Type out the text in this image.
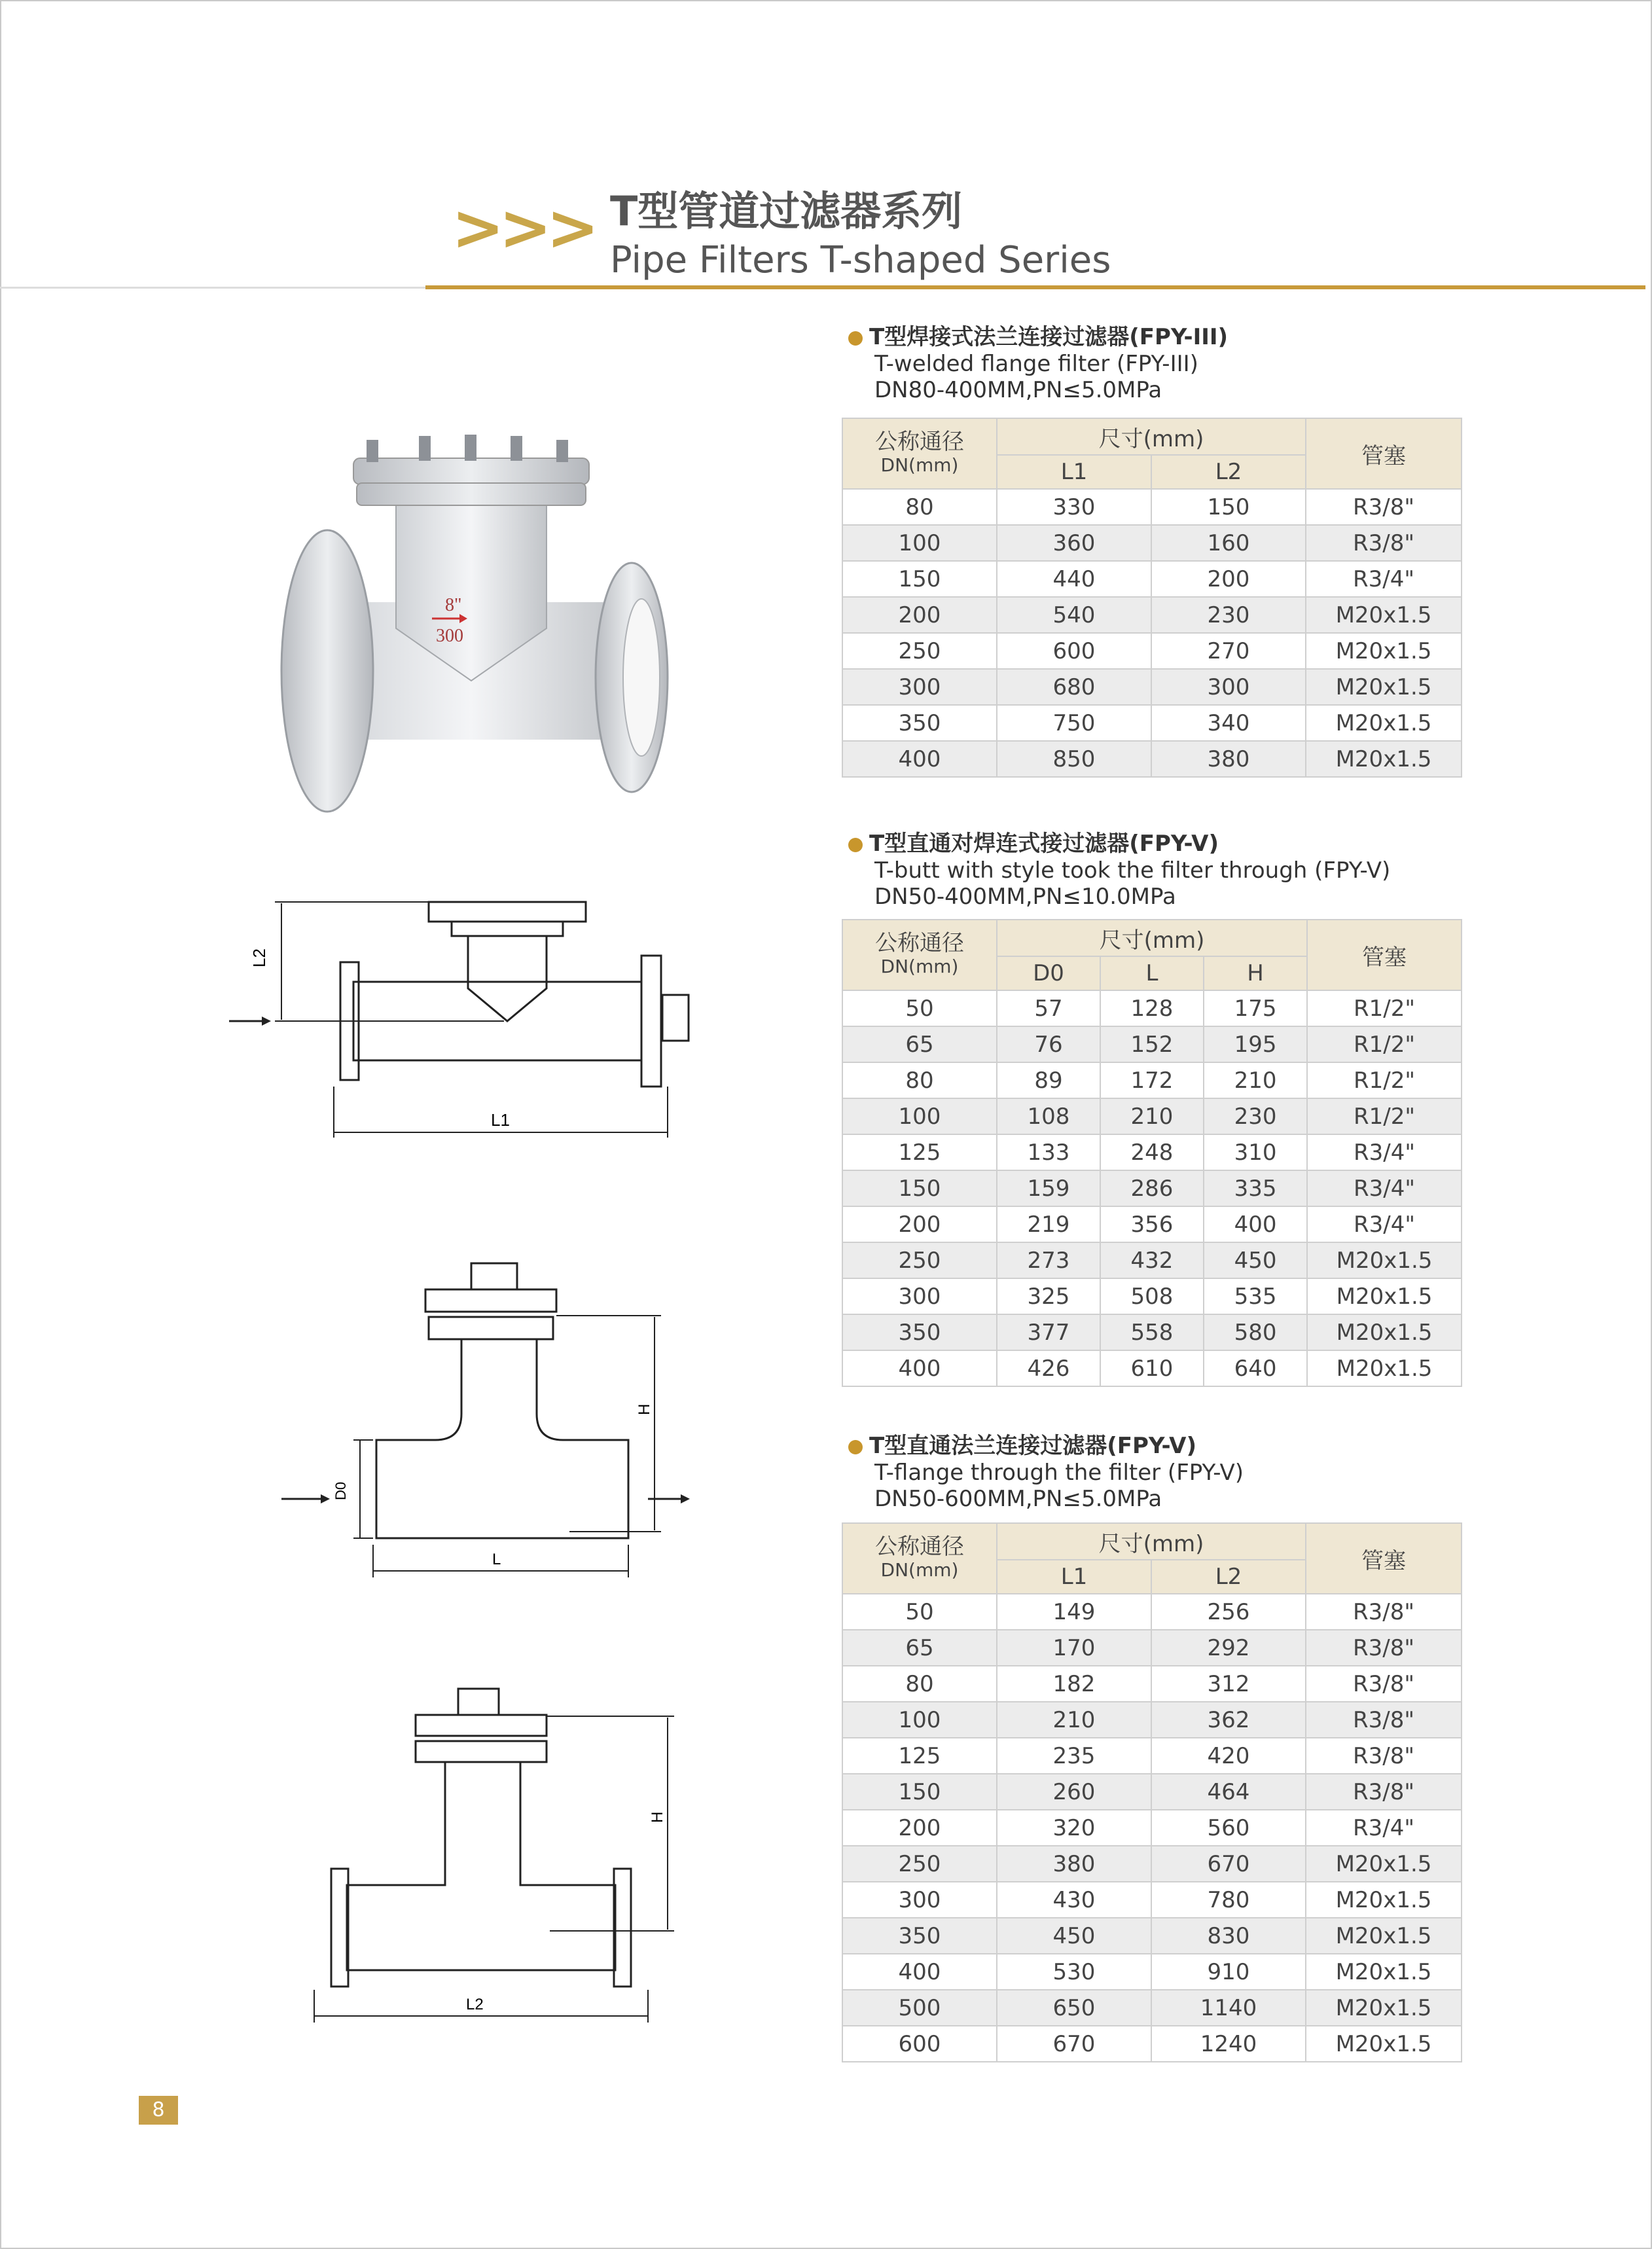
>>> T型管道过滤器系列
Pipe Filters T-shaped Series
T型焊接式法兰连接过滤器(FPY-III)
T-welded flange filter (FPY-III)
DN80-400MM,PN≤5.0MPa
公称通径
DN(mm)	尺寸(mm)		管塞
	L1	L2	
80	330	150	R3/8"
100	360	160	R3/8"
150	440	200	R3/4"
200	540	230	M20x1.5
250	600	270	M20x1.5
300	680	300	M20x1.5
350	750	340	M20x1.5
400	850	380	M20x1.5
T型直通对焊连式接过滤器(FPY-V)
T-butt with style took the filter through (FPY-V)
DN50-400MM,PN≤10.0MPa
公称通径
DN(mm)	尺寸(mm)			管塞
	D0	L	H	
50	57	128	175	R1/2"
65	76	152	195	R1/2"
80	89	172	210	R1/2"
100	108	210	230	R1/2"
125	133	248	310	R3/4"
150	159	286	335	R3/4"
200	219	356	400	R3/4"
250	273	432	450	M20x1.5
300	325	508	535	M20x1.5
350	377	558	580	M20x1.5
400	426	610	640	M20x1.5
T型直通法兰连接过滤器(FPY-V)
T-flange through the filter (FPY-V)
DN50-600MM,PN≤5.0MPa
公称通径
DN(mm)	尺寸(mm)		管塞
	L1	L2	
50	149	256	R3/8"
65	170	292	R3/8"
80	182	312	R3/8"
100	210	362	R3/8"
125	235	420	R3/8"
150	260	464	R3/8"
200	320	560	R3/4"
250	380	670	M20x1.5
300	430	780	M20x1.5
350	450	830	M20x1.5
400	530	910	M20x1.5
500	650	1140	M20x1.5
600	670	1240	M20x1.5
8"
300
L2
L1
H
D0
L
H
L2
8
